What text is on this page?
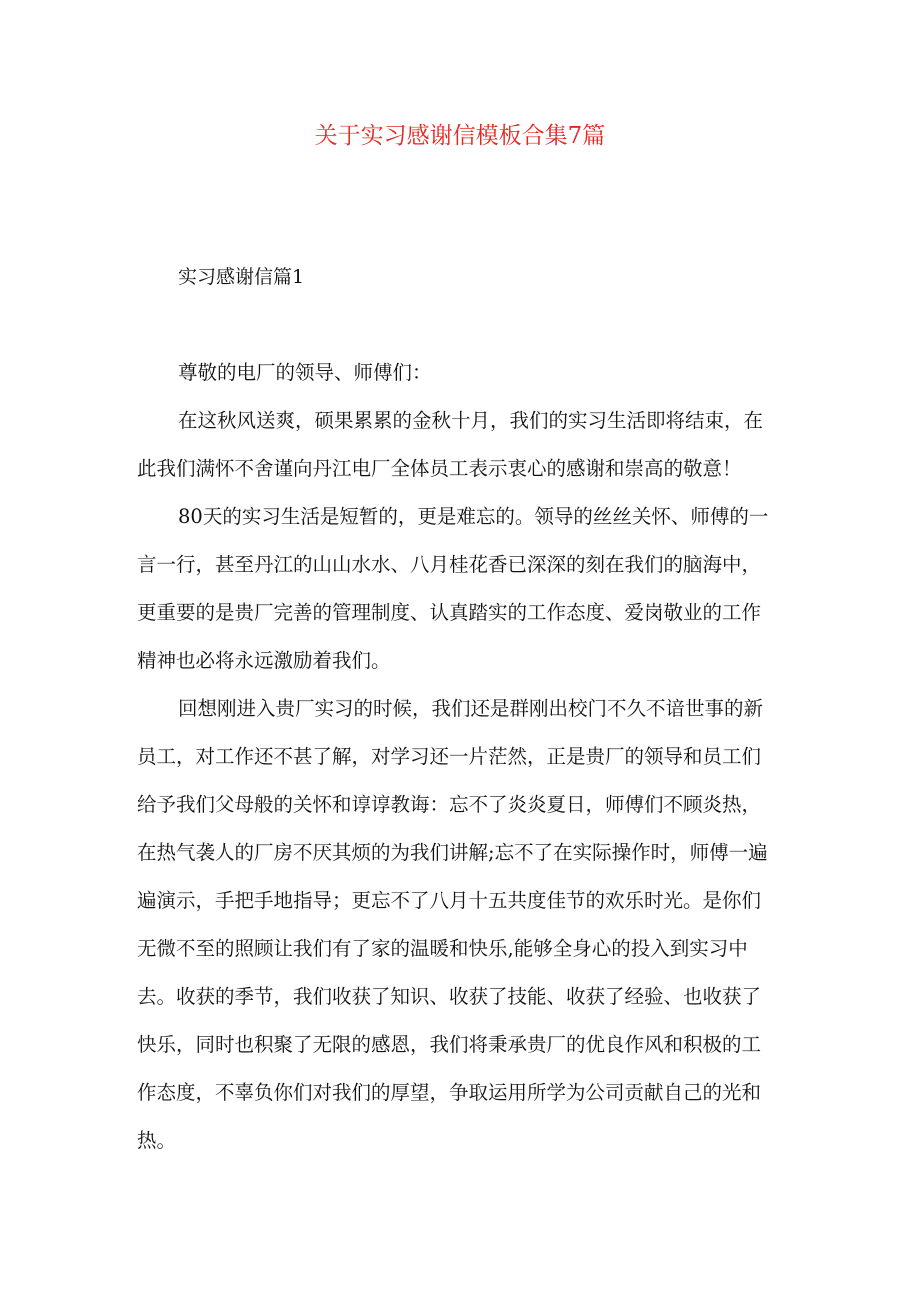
关于实习感谢信模板合集7篇
实习感谢信篇1

尊敬的电厂的领导、师傅们：

在这秋风送爽，硕果累累的金秋十月，我们的实习生活即将结束，在

此我们满怀不舍谨向丹江电厂全体员工表示衷心的感谢和崇高的敬意！

80天的实习生活是短暂的，更是难忘的。领导的丝丝关怀、师傅的一

言一行，甚至丹江的山山水水、八月桂花香已深深的刻在我们的脑海中，

更重要的是贵厂完善的管理制度、认真踏实的工作态度、爱岗敬业的工作

精神也必将永远激励着我们。

回想刚进入贵厂实习的时候，我们还是群刚出校门不久不谙世事的新

员工，对工作还不甚了解，对学习还一片茫然，正是贵厂的领导和员工们

给予我们父母般的关怀和谆谆教诲：忘不了炎炎夏日，师傅们不顾炎热，

在热气袭人的厂房不厌其烦的为我们讲解;忘不了在实际操作时，师傅一遍

遍演示，手把手地指导；更忘不了八月十五共度佳节的欢乐时光。是你们

无微不至的照顾让我们有了家的温暖和快乐,能够全身心的投入到实习中

去。收获的季节，我们收获了知识、收获了技能、收获了经验、也收获了

快乐，同时也积聚了无限的感恩，我们将秉承贵厂的优良作风和积极的工

作态度，不辜负你们对我们的厚望，争取运用所学为公司贡献自己的光和

热。
